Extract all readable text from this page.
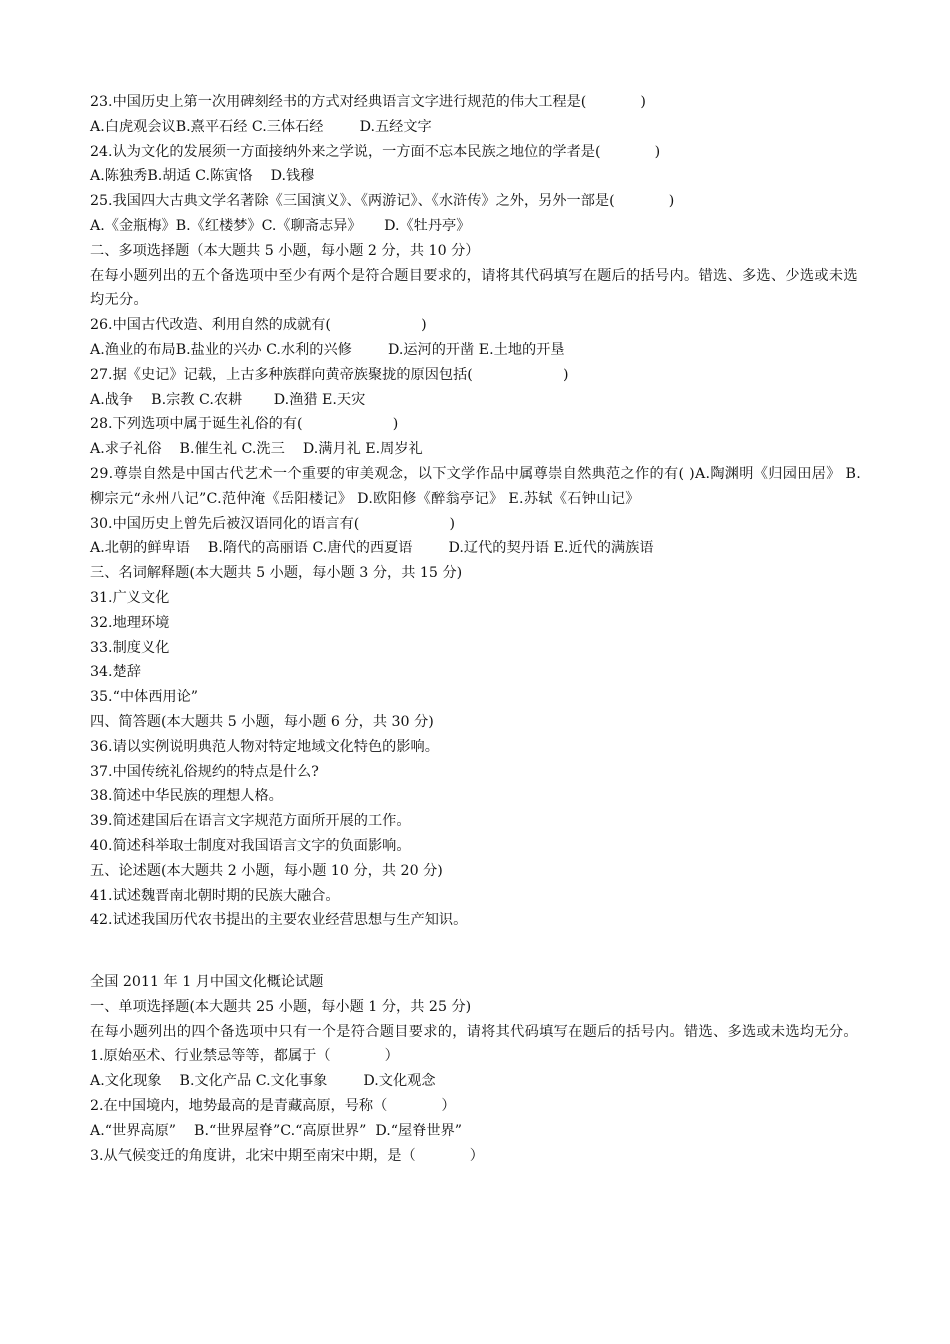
23.中国历史上第一次用碑刻经书的方式对经典语言文字进行规范的伟大工程是(            )
A.白虎观会议B.熹平石经 C.三体石经        D.五经文字
24.认为文化的发展须一方面接纳外来之学说，一方面不忘本民族之地位的学者是(            )
A.陈独秀B.胡适 C.陈寅恪    D.钱穆
25.我国四大古典文学名著除《三国演义》、《两游记》、《水浒传》之外，另外一部是(            )
A.《金瓶梅》B.《红楼梦》C.《聊斋志异》     D.《牡丹亭》
二、多项选择题（本大题共 5 小题，每小题 2 分，共 10 分）
在每小题列出的五个备选项中至少有两个是符合题目要求的，请将其代码填写在题后的括号内。错选、多选、少选或未选均无分。
26.中国古代改造、利用自然的成就有(                    )
A.渔业的布局B.盐业的兴办 C.水利的兴修        D.运河的开凿 E.土地的开垦
27.据《史记》记载，上古多种族群向黄帝族聚拢的原因包括(                    )
A.战争    B.宗教 C.农耕       D.渔猎 E.天灾
28.下列选项中属于诞生礼俗的有(                    )
A.求子礼俗    B.催生礼 C.洗三    D.满月礼 E.周岁礼
29.尊崇自然是中国古代艺术一个重要的审美观念，以下文学作品中属尊崇自然典范之作的有( )A.陶渊明《归园田居》 B.柳宗元“永州八记”C.范仲淹《岳阳楼记》 D.欧阳修《醉翁亭记》 E.苏轼《石钟山记》
30.中国历史上曾先后被汉语同化的语言有(                    )
A.北朝的鲜卑语    B.隋代的高丽语 C.唐代的西夏语        D.辽代的契丹语 E.近代的满族语
三、名词解释题(本大题共 5 小题，每小题 3 分，共 15 分)
31.广义文化
32.地理环境
33.制度义化
34.楚辞
35.“中体西用论”
四、简答题(本大题共 5 小题，每小题 6 分，共 30 分)
36.请以实例说明典范人物对特定地域文化特色的影响。
37.中国传统礼俗规约的特点是什么?
38.简述中华民族的理想人格。
39.简述建国后在语言文字规范方面所开展的工作。
40.简述科举取士制度对我国语言文字的负面影响。
五、论述题(本大题共 2 小题，每小题 10 分，共 20 分)
41.试述魏晋南北朝时期的民族大融合。
42.试述我国历代农书提出的主要农业经营思想与生产知识。
全国 2011 年 1 月中国文化概论试题
一、单项选择题(本大题共 25 小题，每小题 1 分，共 25 分)
在每小题列出的四个备选项中只有一个是符合题目要求的，请将其代码填写在题后的括号内。错选、多选或未选均无分。
1.原始巫术、行业禁忌等等，都属于（            ）
A.文化现象    B.文化产品 C.文化事象        D.文化观念
2.在中国境内，地势最高的是青藏高原，号称（            ）
A.“世界高原”    B.“世界屋脊”C.“高原世界”  D.“屋脊世界”
3.从气候变迁的角度讲，北宋中期至南宋中期，是（            ）
